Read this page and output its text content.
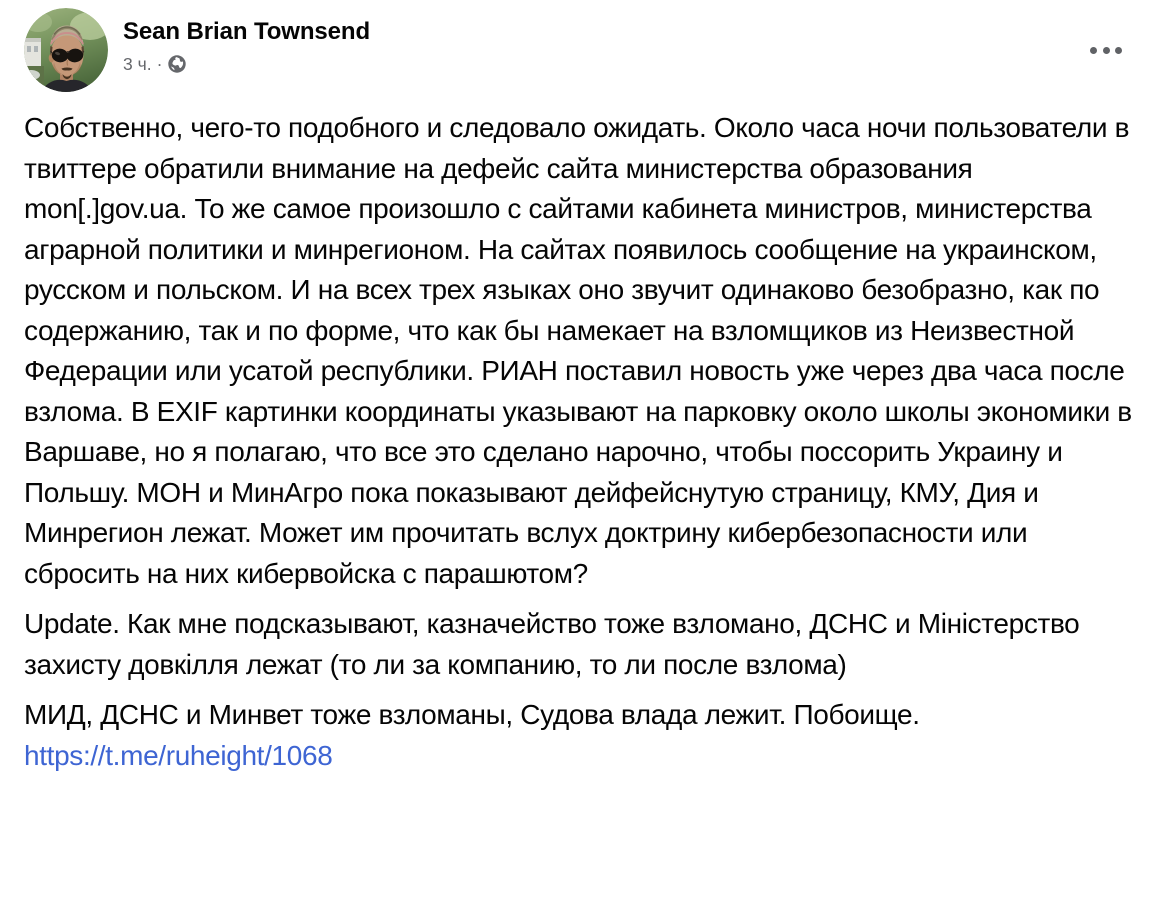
Sean Brian Townsend
3 ч. ·

Собственно, чего-то подобного и следовало ожидать. Около часа ночи пользователи в твиттере обратили внимание на дефейс сайта министерства образования mon[.]gov.ua. То же самое произошло с сайтами кабинета министров, министерства аграрной политики и минрегионом. На сайтах появилось сообщение на украинском, русском и польском. И на всех трех языках оно звучит одинаково безобразно, как по содержанию, так и по форме, что как бы намекает на взломщиков из Неизвестной Федерации или усатой республики. РИАН поставил новость уже через два часа после взлома. В EXIF картинки координаты указывают на парковку около школы экономики в Варшаве, но я полагаю, что все это сделано нарочно, чтобы поссорить Украину и Польшу. МОН и МинАгро пока показывают дейфейснутую страницу, КМУ, Дия и Минрегион лежат. Может им прочитать вслух доктрину кибербезопасности или сбросить на них кибервойска с парашютом?

Update. Как мне подсказывают, казначейство тоже взломано, ДСНС и Міністерство захисту довкілля лежат (то ли за компанию, то ли после взлома)

МИД, ДСНС и Минвет тоже взломаны, Судова влада лежит. Побоище.

https://t.me/ruheight/1068
